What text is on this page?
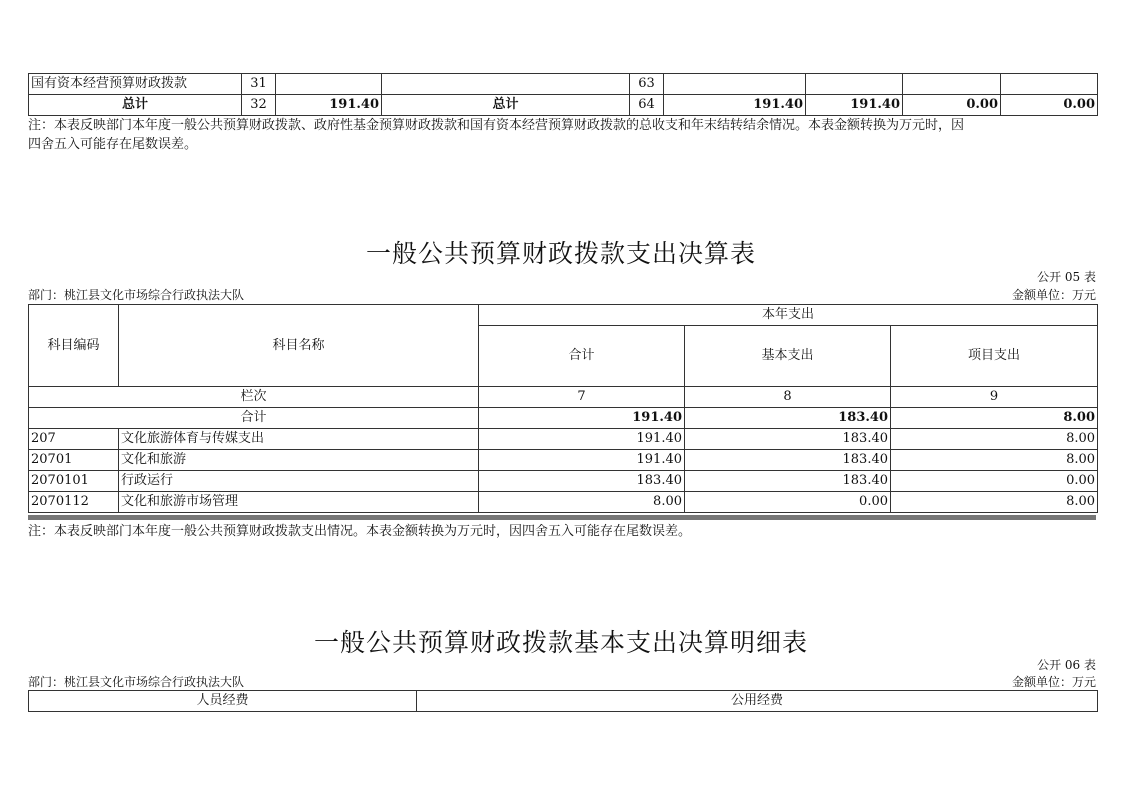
国有资本经营预算财政拨款	31			63				
总计	32	191.40	总计	64	191.40	191.40	0.00	0.00
注：本表反映部门本年度一般公共预算财政拨款、政府性基金预算财政拨款和国有资本经营预算财政拨款的总收支和年末结转结余情况。本表金额转换为万元时，因
四舍五入可能存在尾数误差。
一般公共预算财政拨款支出决算表
公开 05 表
部门：桃江县文化市场综合行政执法大队	金额单位：万元
科目编码	科目名称	本年支出		
		合计	基本支出	项目支出
栏次		7	8	9
合计		191.40	183.40	8.00
207	文化旅游体育与传媒支出	191.40	183.40	8.00
20701	文化和旅游	191.40	183.40	8.00
2070101	行政运行	183.40	183.40	0.00
2070112	文化和旅游市场管理	8.00	0.00	8.00
注：本表反映部门本年度一般公共预算财政拨款支出情况。本表金额转换为万元时，因四舍五入可能存在尾数误差。
一般公共预算财政拨款基本支出决算明细表
公开 06 表
部门：桃江县文化市场综合行政执法大队	金额单位：万元
人员经费	公用经费
